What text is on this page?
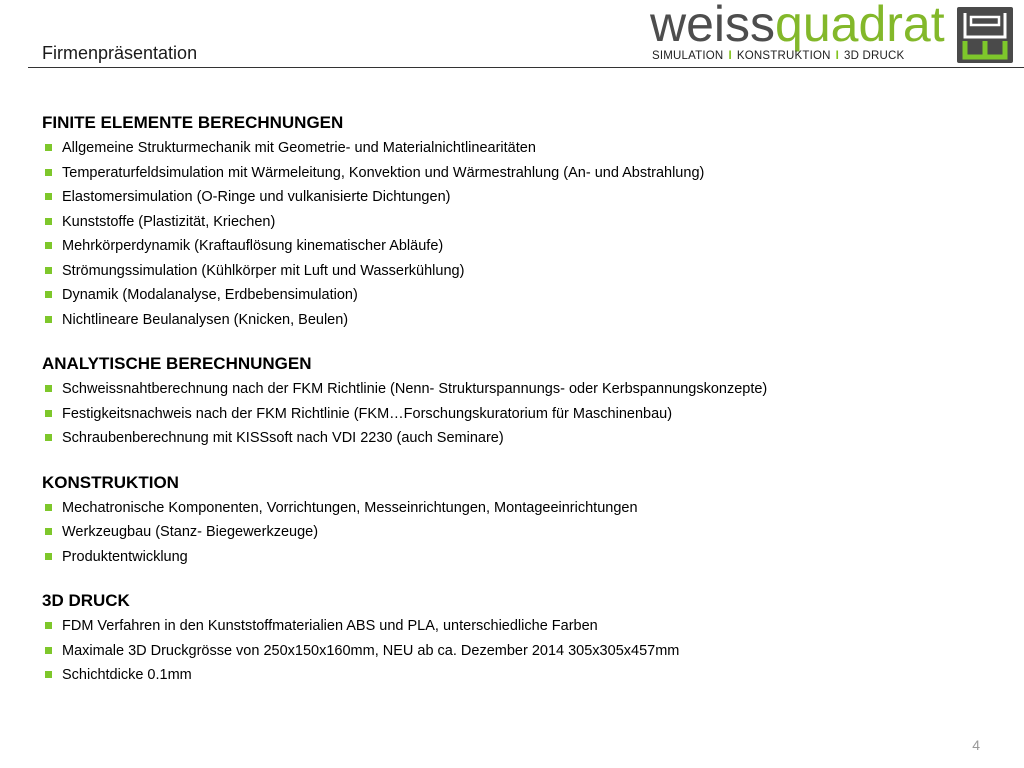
Firmenpräsentation
weissquadrat
SIMULATION I KONSTRUKTION I 3D DRUCK
FINITE ELEMENTE BERECHNUNGEN
Allgemeine Strukturmechanik mit Geometrie- und Materialnichtlinearitäten
Temperaturfeldsimulation mit Wärmeleitung, Konvektion und Wärmestrahlung (An- und Abstrahlung)
Elastomersimulation (O-Ringe und vulkanisierte Dichtungen)
Kunststoffe (Plastizität, Kriechen)
Mehrkörperdynamik (Kraftauflösung kinematischer Abläufe)
Strömungssimulation (Kühlkörper mit Luft und Wasserkühlung)
Dynamik (Modalanalyse, Erdbebensimulation)
Nichtlineare Beulanalysen (Knicken, Beulen)
ANALYTISCHE BERECHNUNGEN
Schweissnahtberechnung nach der FKM Richtlinie (Nenn- Strukturspannungs- oder Kerbspannungskonzepte)
Festigkeitsnachweis nach der FKM Richtlinie (FKM…Forschungskuratorium für Maschinenbau)
Schraubenberechnung mit KISSsoft nach VDI 2230 (auch Seminare)
KONSTRUKTION
Mechatronische Komponenten, Vorrichtungen, Messeinrichtungen, Montageeinrichtungen
Werkzeugbau (Stanz- Biegewerkzeuge)
Produktentwicklung
3D DRUCK
FDM Verfahren in den Kunststoffmaterialien ABS und PLA, unterschiedliche Farben
Maximale 3D Druckgrösse von 250x150x160mm, NEU ab ca. Dezember 2014 305x305x457mm
Schichtdicke 0.1mm
4
